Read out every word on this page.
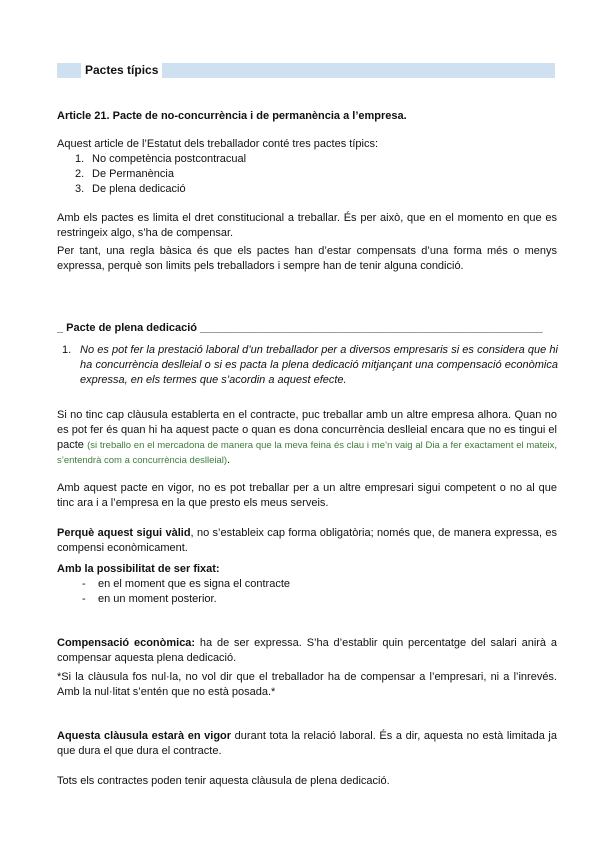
Pactes típics
Article 21. Pacte de no-concurrència i de permanència a l’empresa.
Aquest article de l’Estatut dels treballador conté tres pactes típics:
1. No competència postcontracual
2. De Permanència
3. De plena dedicació
Amb els pactes es limita el dret constitucional a treballar. És per això, que en el momento en que es restringeix algo, s’ha de compensar.
Per tant, una regla bàsica és que els pactes han d’estar compensats d’una forma més o menys expressa, perquè son limits pels treballadors i sempre han de tenir alguna condició.
_ Pacte de plena dedicació ________________________________________________________
1. No es pot fer la prestació laboral d’un treballador per a diversos empresaris si es considera que hi ha concurrència deslleial o si es pacta la plena dedicació mitjançant una compensació econòmica expressa, en els termes que s’acordin a aquest efecte.
Si no tinc cap clàusula establerta en el contracte, puc treballar amb un altre empresa alhora. Quan no es pot fer és quan hi ha aquest pacte o quan es dona concurrència deslleial encara que no es tingui el pacte (si treballo en el mercadona de manera que la meva feina és clau i me’n vaig al Dia a fer exactament el mateix, s’entendrà com a concurrència deslleial).
Amb aquest pacte en vigor, no es pot treballar per a un altre empresari sigui competent o no al que tinc ara i a l’empresa en la que presto els meus serveis.
Perquè aquest sigui vàlid, no s’estableix cap forma obligatòria; només que, de manera expressa, es compensi econòmicament.
Amb la possibilitat de ser fixat:
- en el moment que es signa el contracte
- en un moment posterior.
Compensació econòmica: ha de ser expressa. S’ha d’establir quin percentatge del salari anirà a compensar aquesta plena dedicació.
*Si la clàusula fos nul·la, no vol dir que el treballador ha de compensar a l’empresari, ni a l’inrevés. Amb la nul·litat s’entén que no està posada.*
Aquesta clàusula estarà en vigor durant tota la relació laboral. És a dir, aquesta no està limitada ja que dura el que dura el contracte.
Tots els contractes poden tenir aquesta clàusula de plena dedicació.
